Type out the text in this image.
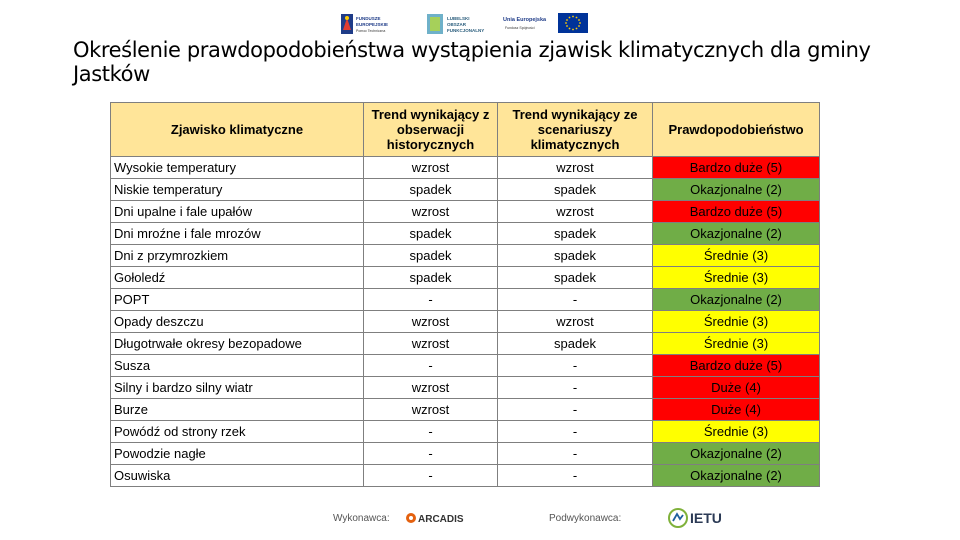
FUNDUSZE
EUROPEJSKIE
Pomoc Techniczna
LUBELSKI
OBSZAR
FUNKCJONALNY
Unia Europejska
Fundusz Spójności
Określenie prawdopodobieństwa wystąpienia zjawisk klimatycznych dla gminy Jastków
Zjawisko klimatyczne	Trend wynikający z obserwacji historycznych	Trend wynikający ze scenariuszy klimatycznych	Prawdopodobieństwo
Wysokie temperatury	wzrost	wzrost	Bardzo duże (5)
Niskie temperatury	spadek	spadek	Okazjonalne (2)
Dni upalne i fale upałów	wzrost	wzrost	Bardzo duże (5)
Dni mroźne i fale mrozów	spadek	spadek	Okazjonalne (2)
Dni z przymrozkiem	spadek	spadek	Średnie (3)
Gołoledź	spadek	spadek	Średnie (3)
POPT	-	-	Okazjonalne (2)
Opady deszczu	wzrost	wzrost	Średnie (3)
Długotrwałe okresy bezopadowe	wzrost	spadek	Średnie (3)
Susza	-	-	Bardzo duże (5)
Silny i bardzo silny wiatr	wzrost	-	Duże (4)
Burze	wzrost	-	Duże (4)
Powódź od strony rzek	-	-	Średnie (3)
Powodzie nagłe	-	-	Okazjonalne (2)
Osuwiska	-	-	Okazjonalne (2)
Wykonawca:	ARCADIS	Podwykonawca:	IETU
